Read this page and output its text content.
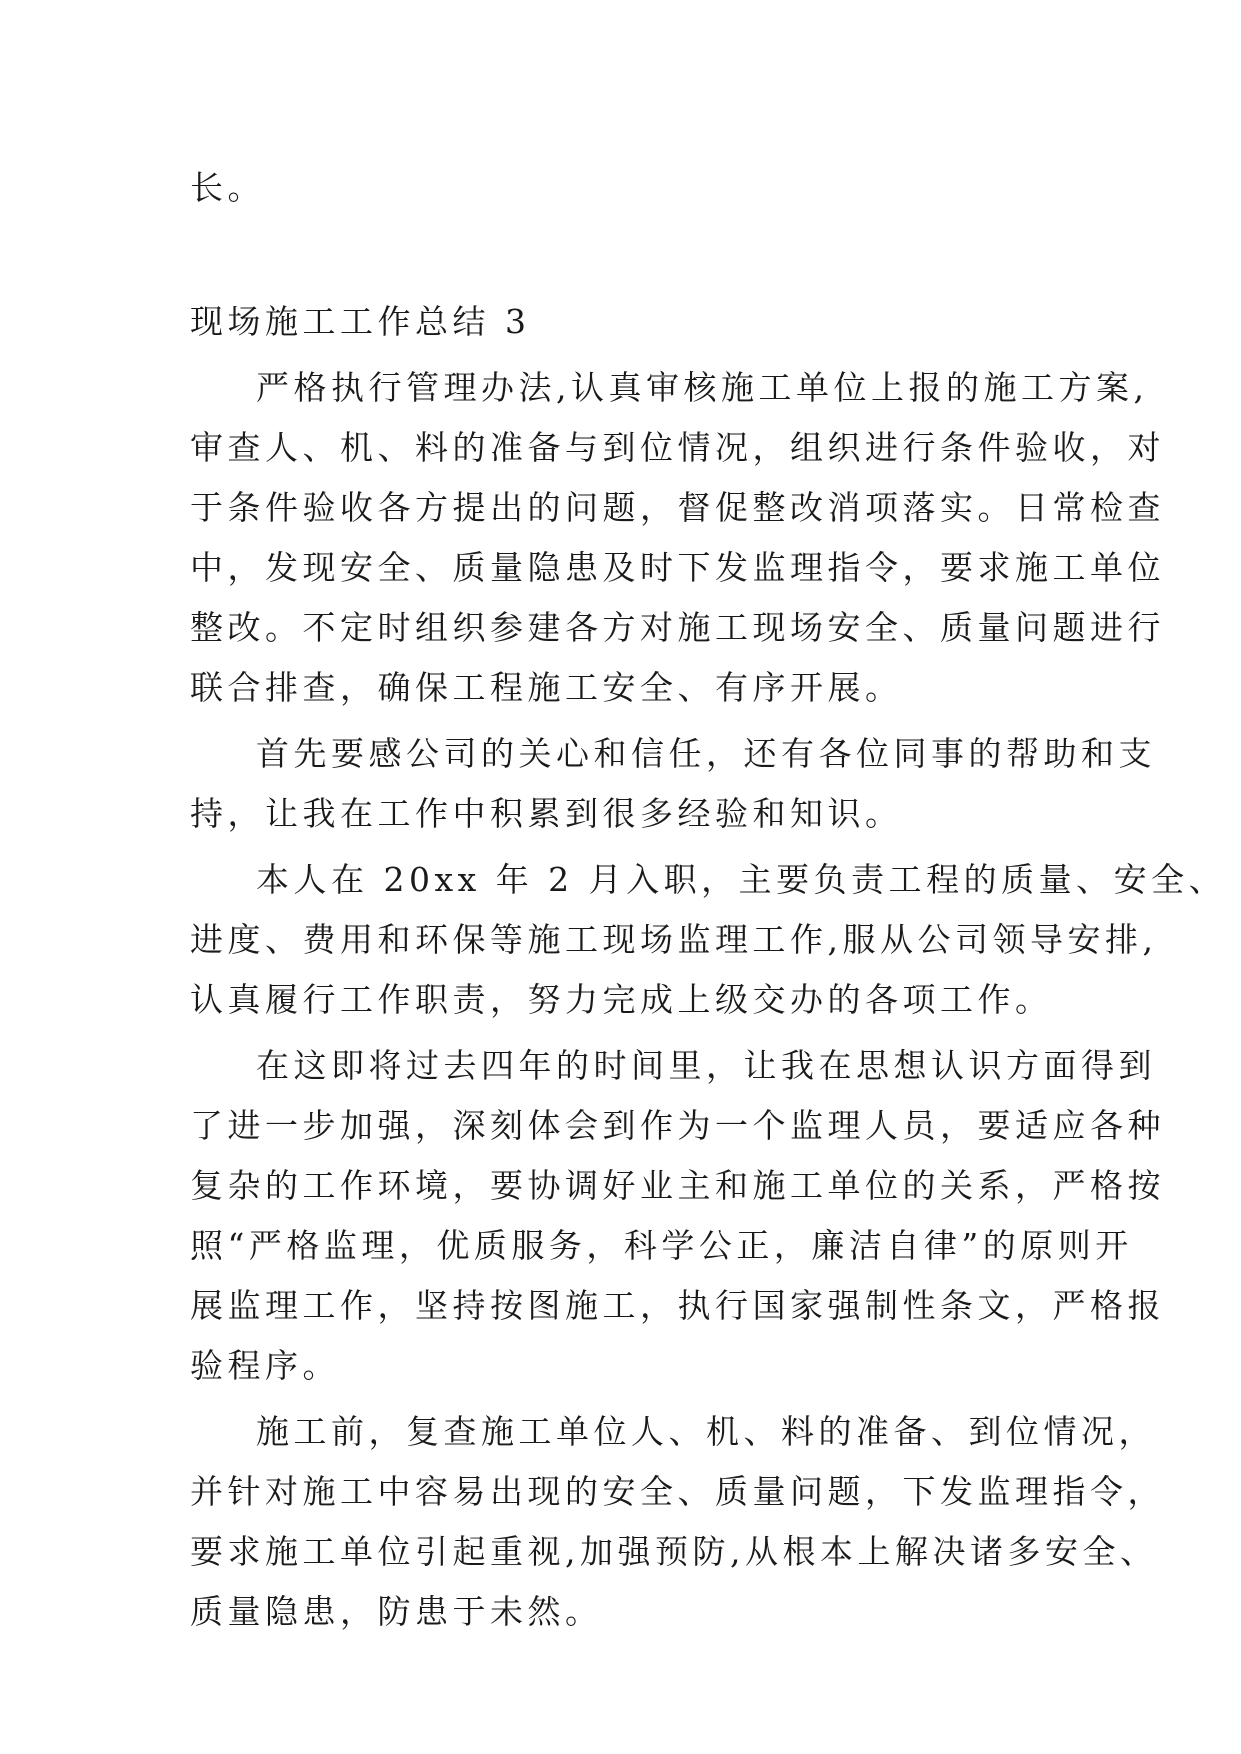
长。
现场施工工作总结 3
严格执行管理办法,认真审核施工单位上报的施工方案,
审查人、机、料的准备与到位情况，组织进行条件验收，对
于条件验收各方提出的问题，督促整改消项落实。日常检查
中，发现安全、质量隐患及时下发监理指令，要求施工单位
整改。不定时组织参建各方对施工现场安全、质量问题进行
联合排查，确保工程施工安全、有序开展。
首先要感公司的关心和信任，还有各位同事的帮助和支
持，让我在工作中积累到很多经验和知识。
本人在 20xx 年 2 月入职，主要负责工程的质量、安全、
进度、费用和环保等施工现场监理工作,服从公司领导安排,
认真履行工作职责，努力完成上级交办的各项工作。
在这即将过去四年的时间里，让我在思想认识方面得到
了进一步加强，深刻体会到作为一个监理人员，要适应各种
复杂的工作环境，要协调好业主和施工单位的关系，严格按
照“严格监理，优质服务，科学公正，廉洁自律”的原则开
展监理工作，坚持按图施工，执行国家强制性条文，严格报
验程序。
施工前，复查施工单位人、机、料的准备、到位情况，
并针对施工中容易出现的安全、质量问题，下发监理指令，
要求施工单位引起重视,加强预防,从根本上解决诸多安全、
质量隐患，防患于未然。
